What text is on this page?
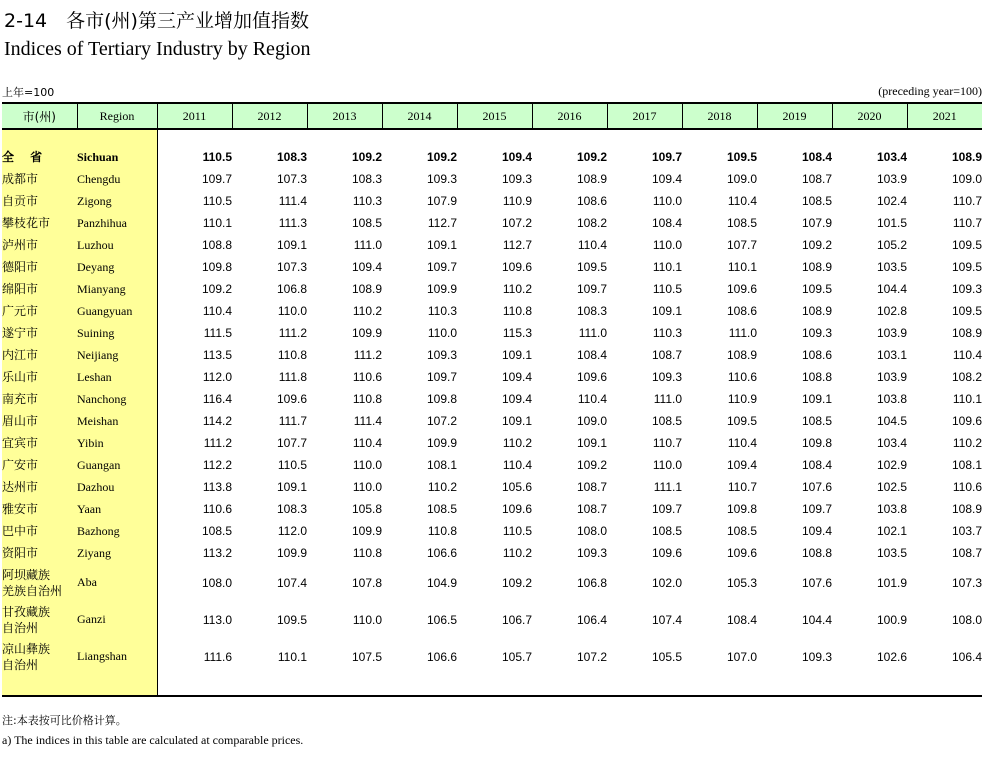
2-14　各市(州)第三产业增加值指数
Indices of Tertiary Industry by Region
上年=100	(preceding year=100)
市(州)	Region	2011	2012	2013	2014	2015	2016	2017	2018	2019	2020	2021

全 省	Sichuan	110.5	108.3	109.2	109.2	109.4	109.2	109.7	109.5	108.4	103.4	108.9
成都市	Chengdu	109.7	107.3	108.3	109.3	109.3	108.9	109.4	109.0	108.7	103.9	109.0
自贡市	Zigong	110.5	111.4	110.3	107.9	110.9	108.6	110.0	110.4	108.5	102.4	110.7
攀枝花市	Panzhihua	110.1	111.3	108.5	112.7	107.2	108.2	108.4	108.5	107.9	101.5	110.7
泸州市	Luzhou	108.8	109.1	111.0	109.1	112.7	110.4	110.0	107.7	109.2	105.2	109.5
德阳市	Deyang	109.8	107.3	109.4	109.7	109.6	109.5	110.1	110.1	108.9	103.5	109.5
绵阳市	Mianyang	109.2	106.8	108.9	109.9	110.2	109.7	110.5	109.6	109.5	104.4	109.3
广元市	Guangyuan	110.4	110.0	110.2	110.3	110.8	108.3	109.1	108.6	108.9	102.8	109.5
遂宁市	Suining	111.5	111.2	109.9	110.0	115.3	111.0	110.3	111.0	109.3	103.9	108.9
内江市	Neijiang	113.5	110.8	111.2	109.3	109.1	108.4	108.7	108.9	108.6	103.1	110.4
乐山市	Leshan	112.0	111.8	110.6	109.7	109.4	109.6	109.3	110.6	108.8	103.9	108.2
南充市	Nanchong	116.4	109.6	110.8	109.8	109.4	110.4	111.0	110.9	109.1	103.8	110.1
眉山市	Meishan	114.2	111.7	111.4	107.2	109.1	109.0	108.5	109.5	108.5	104.5	109.6
宜宾市	Yibin	111.2	107.7	110.4	109.9	110.2	109.1	110.7	110.4	109.8	103.4	110.2
广安市	Guangan	112.2	110.5	110.0	108.1	110.4	109.2	110.0	109.4	108.4	102.9	108.1
达州市	Dazhou	113.8	109.1	110.0	110.2	105.6	108.7	111.1	110.7	107.6	102.5	110.6
雅安市	Yaan	110.6	108.3	105.8	108.5	109.6	108.7	109.7	109.8	109.7	103.8	108.9
巴中市	Bazhong	108.5	112.0	109.9	110.8	110.5	108.0	108.5	108.5	109.4	102.1	103.7
资阳市	Ziyang	113.2	109.9	110.8	106.6	110.2	109.3	109.6	109.6	108.8	103.5	108.7

阿坝藏族
羌族自治州	Aba	108.0	107.4	107.8	104.9	109.2	106.8	102.0	105.3	107.6	101.9	107.3

甘孜藏族
自治州	Ganzi	113.0	109.5	110.0	106.5	106.7	106.4	107.4	108.4	104.4	100.9	108.0

凉山彝族
自治州	Liangshan	111.6	110.1	107.5	106.6	105.7	107.2	105.5	107.0	109.3	102.6	106.4

注:本表按可比价格计算。
a) The indices in this table are calculated at comparable prices.
